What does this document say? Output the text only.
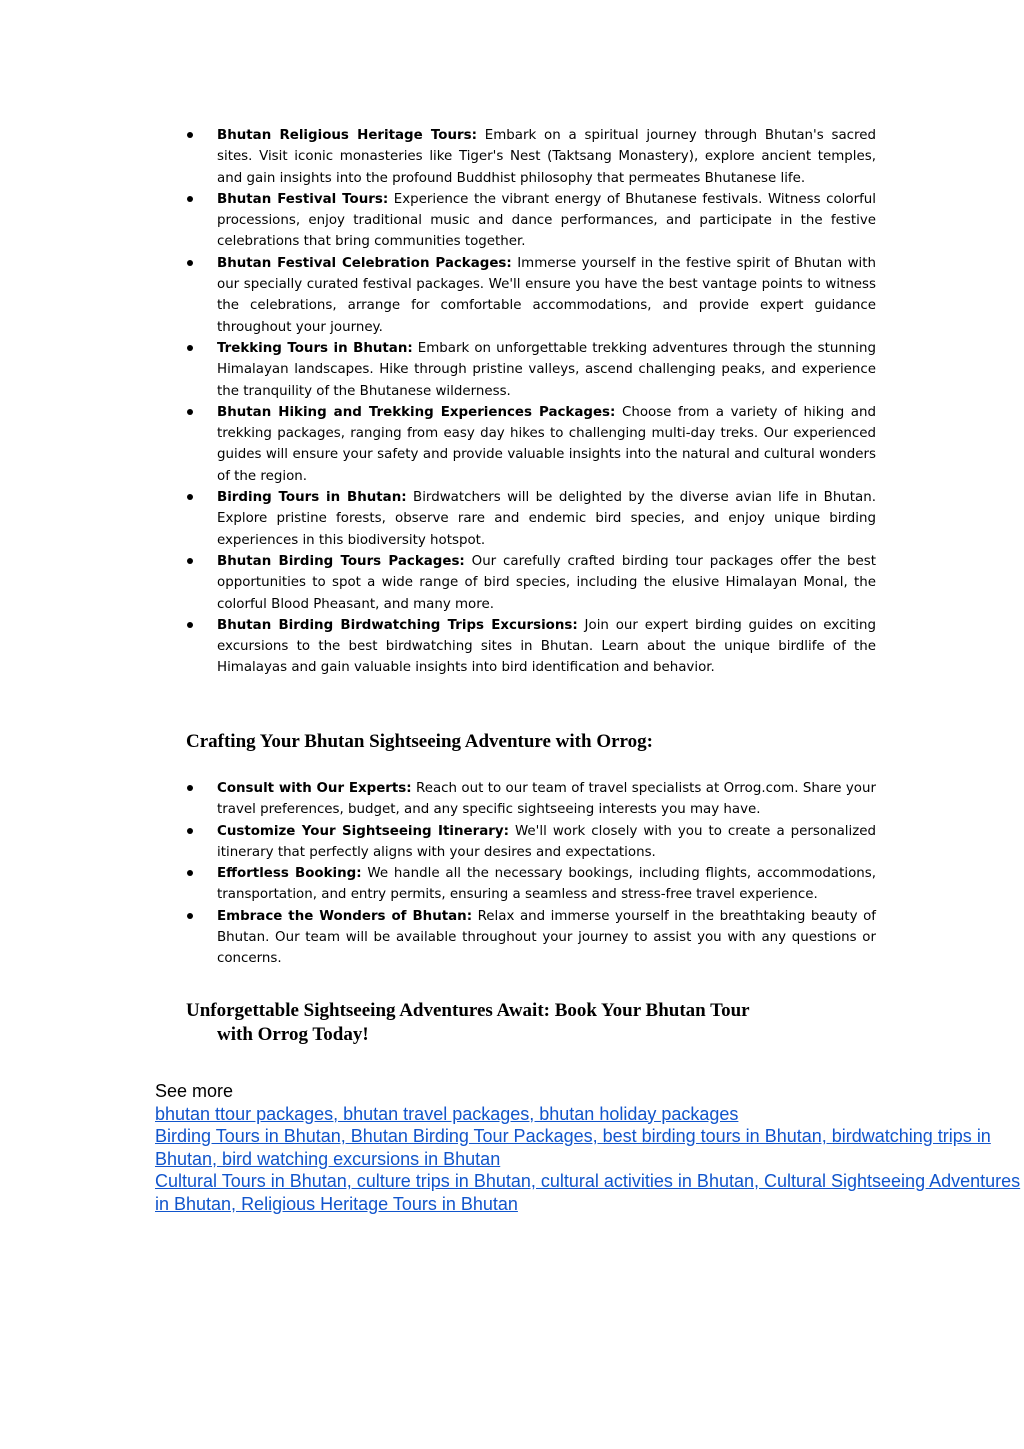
Bhutan Religious Heritage Tours: Embark on a spiritual journey through Bhutan's sacred sites. Visit iconic monasteries like Tiger's Nest (Taktsang Monastery), explore ancient temples, and gain insights into the profound Buddhist philosophy that permeates Bhutanese life.
Bhutan Festival Tours: Experience the vibrant energy of Bhutanese festivals. Witness colorful processions, enjoy traditional music and dance performances, and participate in the festive celebrations that bring communities together.
Bhutan Festival Celebration Packages: Immerse yourself in the festive spirit of Bhutan with our specially curated festival packages. We'll ensure you have the best vantage points to witness the celebrations, arrange for comfortable accommodations, and provide expert guidance throughout your journey.
Trekking Tours in Bhutan: Embark on unforgettable trekking adventures through the stunning Himalayan landscapes. Hike through pristine valleys, ascend challenging peaks, and experience the tranquility of the Bhutanese wilderness.
Bhutan Hiking and Trekking Experiences Packages: Choose from a variety of hiking and trekking packages, ranging from easy day hikes to challenging multi-day treks. Our experienced guides will ensure your safety and provide valuable insights into the natural and cultural wonders of the region.
Birding Tours in Bhutan: Birdwatchers will be delighted by the diverse avian life in Bhutan. Explore pristine forests, observe rare and endemic bird species, and enjoy unique birding experiences in this biodiversity hotspot.
Bhutan Birding Tours Packages: Our carefully crafted birding tour packages offer the best opportunities to spot a wide range of bird species, including the elusive Himalayan Monal, the colorful Blood Pheasant, and many more.
Bhutan Birding Birdwatching Trips Excursions: Join our expert birding guides on exciting excursions to the best birdwatching sites in Bhutan. Learn about the unique birdlife of the Himalayas and gain valuable insights into bird identification and behavior.
Crafting Your Bhutan Sightseeing Adventure with Orrog:
Consult with Our Experts: Reach out to our team of travel specialists at Orrog.com. Share your travel preferences, budget, and any specific sightseeing interests you may have.
Customize Your Sightseeing Itinerary: We'll work closely with you to create a personalized itinerary that perfectly aligns with your desires and expectations.
Effortless Booking: We handle all the necessary bookings, including flights, accommodations, transportation, and entry permits, ensuring a seamless and stress-free travel experience.
Embrace the Wonders of Bhutan: Relax and immerse yourself in the breathtaking beauty of Bhutan. Our team will be available throughout your journey to assist you with any questions or concerns.
Unforgettable Sightseeing Adventures Await: Book Your Bhutan Tour
with Orrog Today!
See more
bhutan ttour packages, bhutan travel packages, bhutan holiday packages
Birding Tours in Bhutan, Bhutan Birding Tour Packages, best birding tours in Bhutan, birdwatching trips in Bhutan, bird watching excursions in Bhutan
Cultural Tours in Bhutan, culture trips in Bhutan, cultural activities in Bhutan, Cultural Sightseeing Adventures in Bhutan, Religious Heritage Tours in Bhutan
